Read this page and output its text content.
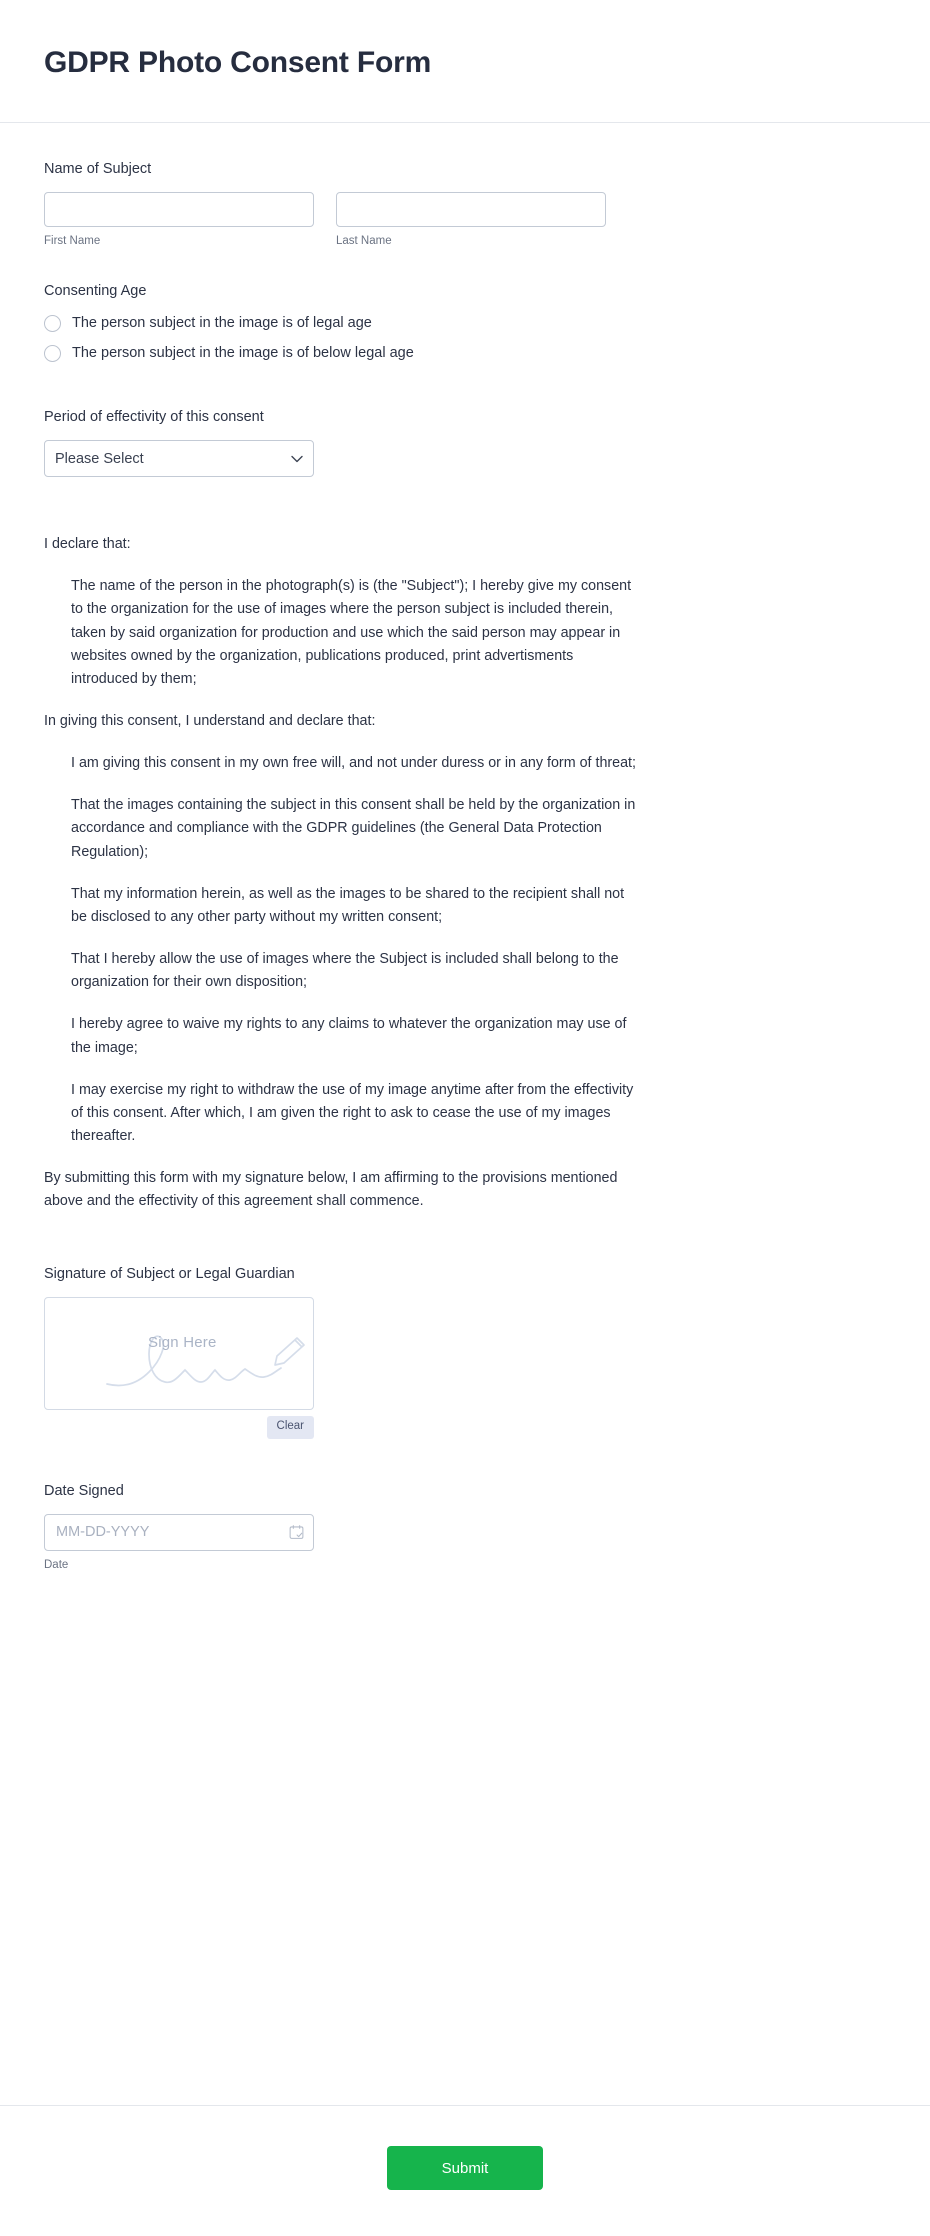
GDPR Photo Consent Form
Name of Subject
First Name	Last Name
Consenting Age
The person subject in the image is of legal age
The person subject in the image is of below legal age
Period of effectivity of this consent
Please Select

I declare that:

The name of the person in the photograph(s) is (the "Subject"); I hereby give my consent to the organization for the use of images where the person subject is included therein, taken by said organization for production and use which the said person may appear in websites owned by the organization, publications produced, print advertisments introduced by them;

In giving this consent, I understand and declare that:

I am giving this consent in my own free will, and not under duress or in any form of threat;

That the images containing the subject in this consent shall be held by the organization in accordance and compliance with the GDPR guidelines (the General Data Protection Regulation);

That my information herein, as well as the images to be shared to the recipient shall not be disclosed to any other party without my written consent;

That I hereby allow the use of images where the Subject is included shall belong to the organization for their own disposition;

I hereby agree to waive my rights to any claims to whatever the organization may use of the image;

I may exercise my right to withdraw the use of my image anytime after from the effectivity of this consent. After which, I am given the right to ask to cease the use of my images thereafter.

By submitting this form with my signature below, I am affirming to the provisions mentioned above and the effectivity of this agreement shall commence.

Signature of Subject or Legal Guardian
Sign Here
Clear
Date Signed
MM-DD-YYYY
Date
Submit
